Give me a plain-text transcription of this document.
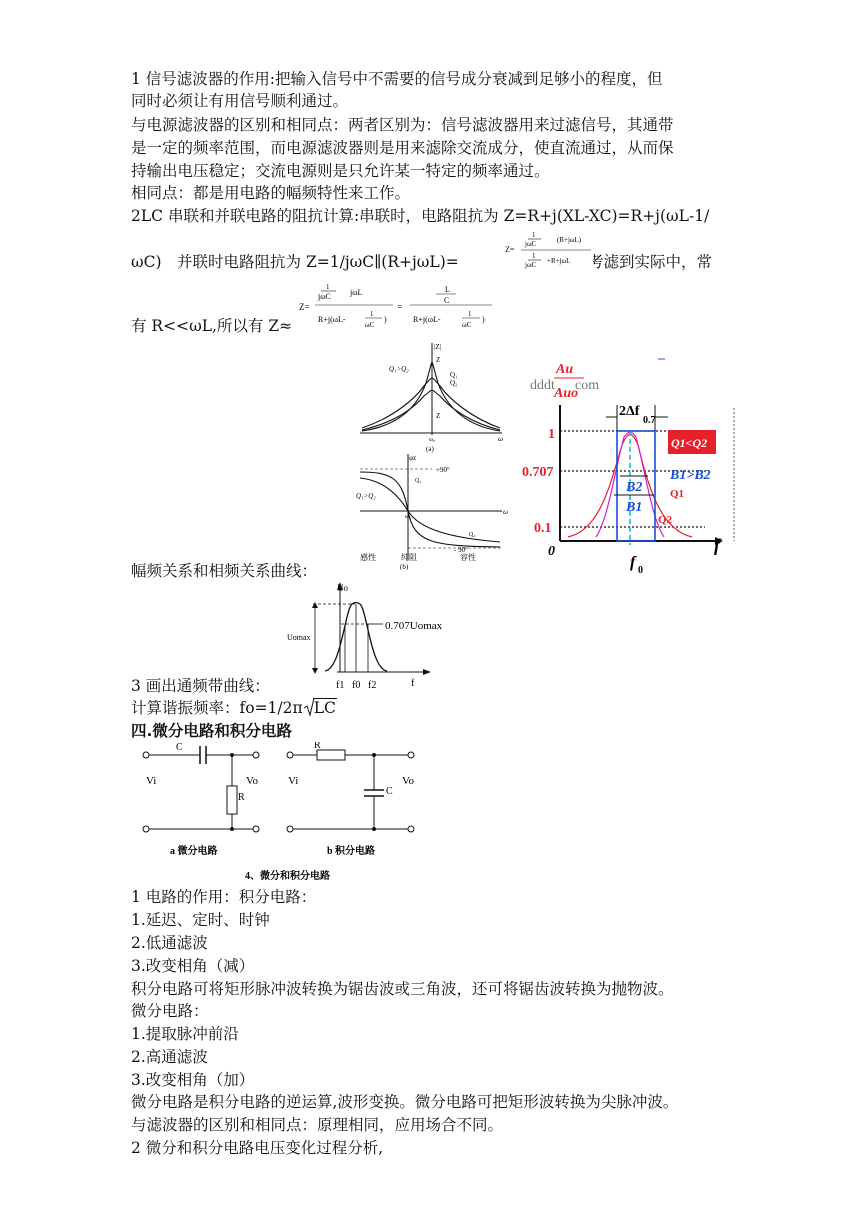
1 信号滤波器的作用:把输入信号中不需要的信号成分衰减到足够小的程度，但
同时必须让有用信号顺利通过。
与电源滤波器的区别和相同点：两者区别为：信号滤波器用来过滤信号，其通带
是一定的频率范围，而电源滤波器则是用来滤除交流成分，使直流通过，从而保
持输出电压稳定；交流电源则是只允许某一特定的频率通过。
相同点：都是用电路的幅频特性来工作。
2LC 串联和并联电路的阻抗计算:串联时，电路阻抗为 Z=R+j(XL-XC)=R+j(ωL-1/
ωC)　并联时电路阻抗为 Z=1/jωC∥(R+jωL)=	考滤到实际中，常
有 R<<ωL,所以有 Z≈
Z=
1
jωC	(R+jωL)
1
jωC +R+jωL
Z=
1
jωC jωL
R+j(ωL-
1
ωC
)
=
L
C
R+j(ωL-
1
ωC
)
|Z|
Z
Q₁>Q₂
Q₁
Q₂
Z
ω₀	ω
(a)
φz
+90°
Q₁
Q₁>Q₂
Q₂
ω₀
ω
- 90°
感性	纯阻	容性
(b)
dddt com
Au
Auo
f
1
0.707
0.1
0
2Δf
0.7
B2
B1
Q1
Q2
Q1<Q2
B1>B2
f 0
幅频关系和相频关系曲线：
Uo
Uomax
0.707Uomax
f1 f0 f2	f
3 画出通频带曲线：
计算谐振频率：fo=1/2π LC
四.微分电路和积分电路
C
R
Vi	Vo
a 微分电路
R
C
Vi	Vo
b 积分电路
4、微分和积分电路
1 电路的作用：积分电路：
1.延迟、定时、时钟
2.低通滤波
3.改变相角（减）
积分电路可将矩形脉冲波转换为锯齿波或三角波，还可将锯齿波转换为抛物波。
微分电路：
1.提取脉冲前沿
2.高通滤波
3.改变相角（加）
微分电路是积分电路的逆运算,波形变换。微分电路可把矩形波转换为尖脉冲波。
与滤波器的区别和相同点：原理相同，应用场合不同。
2 微分和积分电路电压变化过程分析,
